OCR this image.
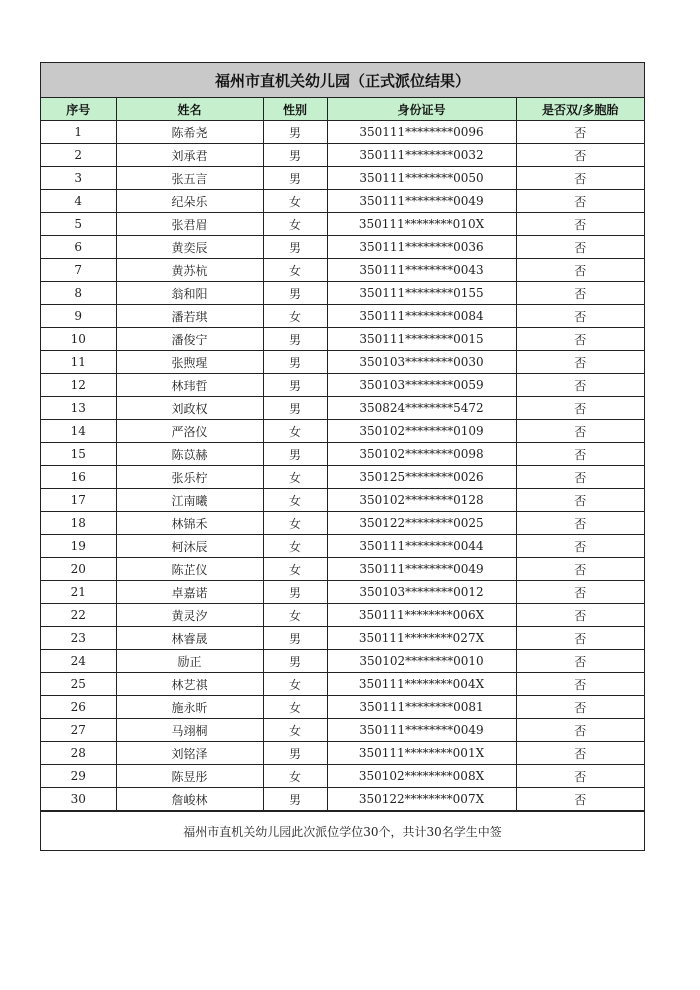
福州市直机关幼儿园（正式派位结果）
序号	姓名	性别	身份证号	是否双/多胞胎
1	陈希尧	男	350111********0096	否
2	刘承君	男	350111********0032	否
3	张五言	男	350111********0050	否
4	纪朵乐	女	350111********0049	否
5	张君眉	女	350111********010X	否
6	黄奕辰	男	350111********0036	否
7	黄苏杭	女	350111********0043	否
8	翁和阳	男	350111********0155	否
9	潘若琪	女	350111********0084	否
10	潘俊宁	男	350111********0015	否
11	张煦瑆	男	350103********0030	否
12	林玮哲	男	350103********0059	否
13	刘政权	男	350824********5472	否
14	严洛仪	女	350102********0109	否
15	陈苡赫	男	350102********0098	否
16	张乐柠	女	350125********0026	否
17	江南曦	女	350102********0128	否
18	林锦禾	女	350122********0025	否
19	柯沐辰	女	350111********0044	否
20	陈芷仪	女	350111********0049	否
21	卓嘉诺	男	350103********0012	否
22	黄灵汐	女	350111********006X	否
23	林睿晟	男	350111********027X	否
24	励正	男	350102********0010	否
25	林艺祺	女	350111********004X	否
26	施永昕	女	350111********0081	否
27	马翊桐	女	350111********0049	否
28	刘铭泽	男	350111********001X	否
29	陈昱彤	女	350102********008X	否
30	詹峻林	男	350122********007X	否
福州市直机关幼儿园此次派位学位30个，共计30名学生中签
